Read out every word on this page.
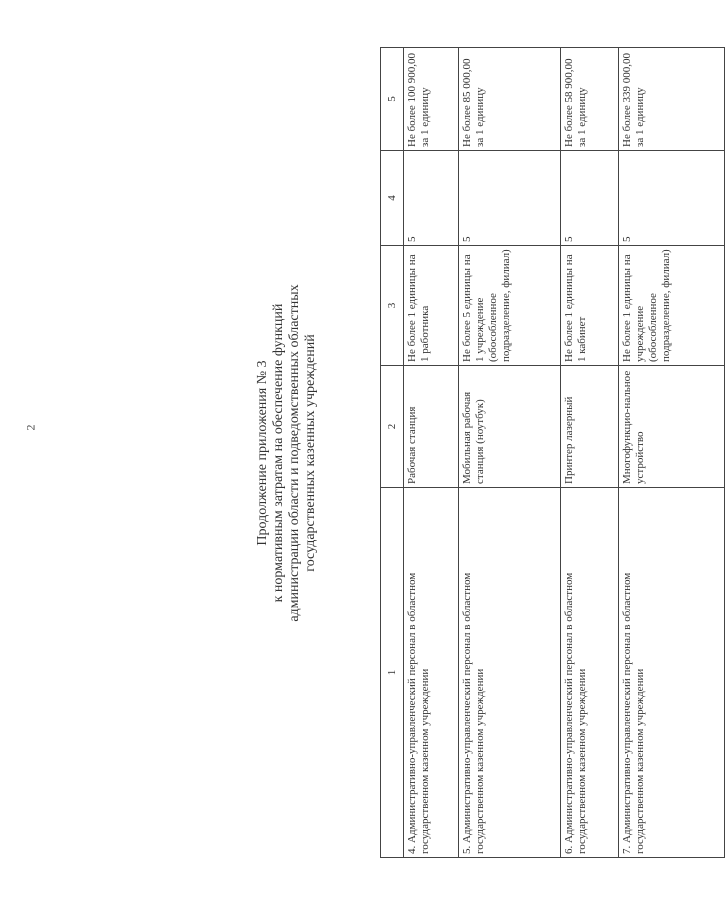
2	Продолжение приложения № 3 к нормативным затратам на обеспечение функций администрации области и подведомственных областных государственных казенных учреждений
1	2	3	4	5
4. Административно-управленческий персонал в областном государственном казенном учреждении	Рабочая станция	Не более 1 единицы на 1 работника	5	Не более 100 900,00 за 1 единицу
5. Административно-управленческий персонал в областном государственном казенном учреждении	Мобильная рабочая станция (ноутбук)	Не более 5 единицы на 1 учреждение (обособленное подразделение, филиал)	5	Не более 85 000,00 за 1 единицу
6. Административно-управленческий персонал в областном государственном казенном учреждении	Принтер лазерный	Не более 1 единицы на 1 кабинет	5	Не более 58 900,00 за 1 единицу
7. Административно-управленческий персонал в областном государственном казенном учреждении	Многофункцио-нальное устройство	Не более 1 единицы на учреждение (обособленное подразделение, филиал)	5	Не более 339 000,00 за 1 единицу
